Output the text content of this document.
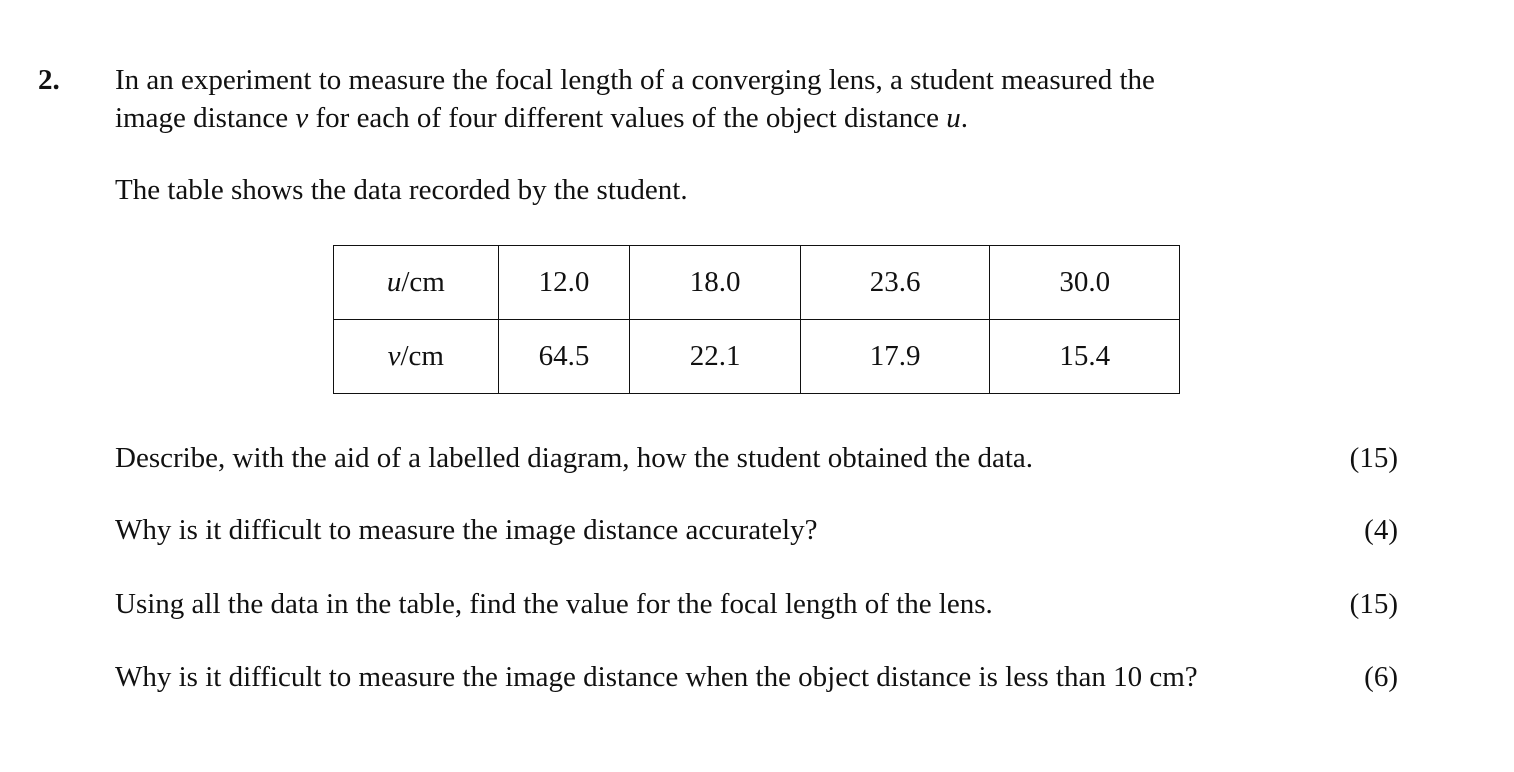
2. In an experiment to measure the focal length of a converging lens, a student measured the
image distance v for each of four different values of the object distance u.
The table shows the data recorded by the student.
u/cm	12.0	18.0	23.6	30.0
v/cm	64.5	22.1	17.9	15.4
Describe, with the aid of a labelled diagram, how the student obtained the data.	(15)
Why is it difficult to measure the image distance accurately?	(4)
Using all the data in the table, find the value for the focal length of the lens.	(15)
Why is it difficult to measure the image distance when the object distance is less than 10 cm?	(6)
